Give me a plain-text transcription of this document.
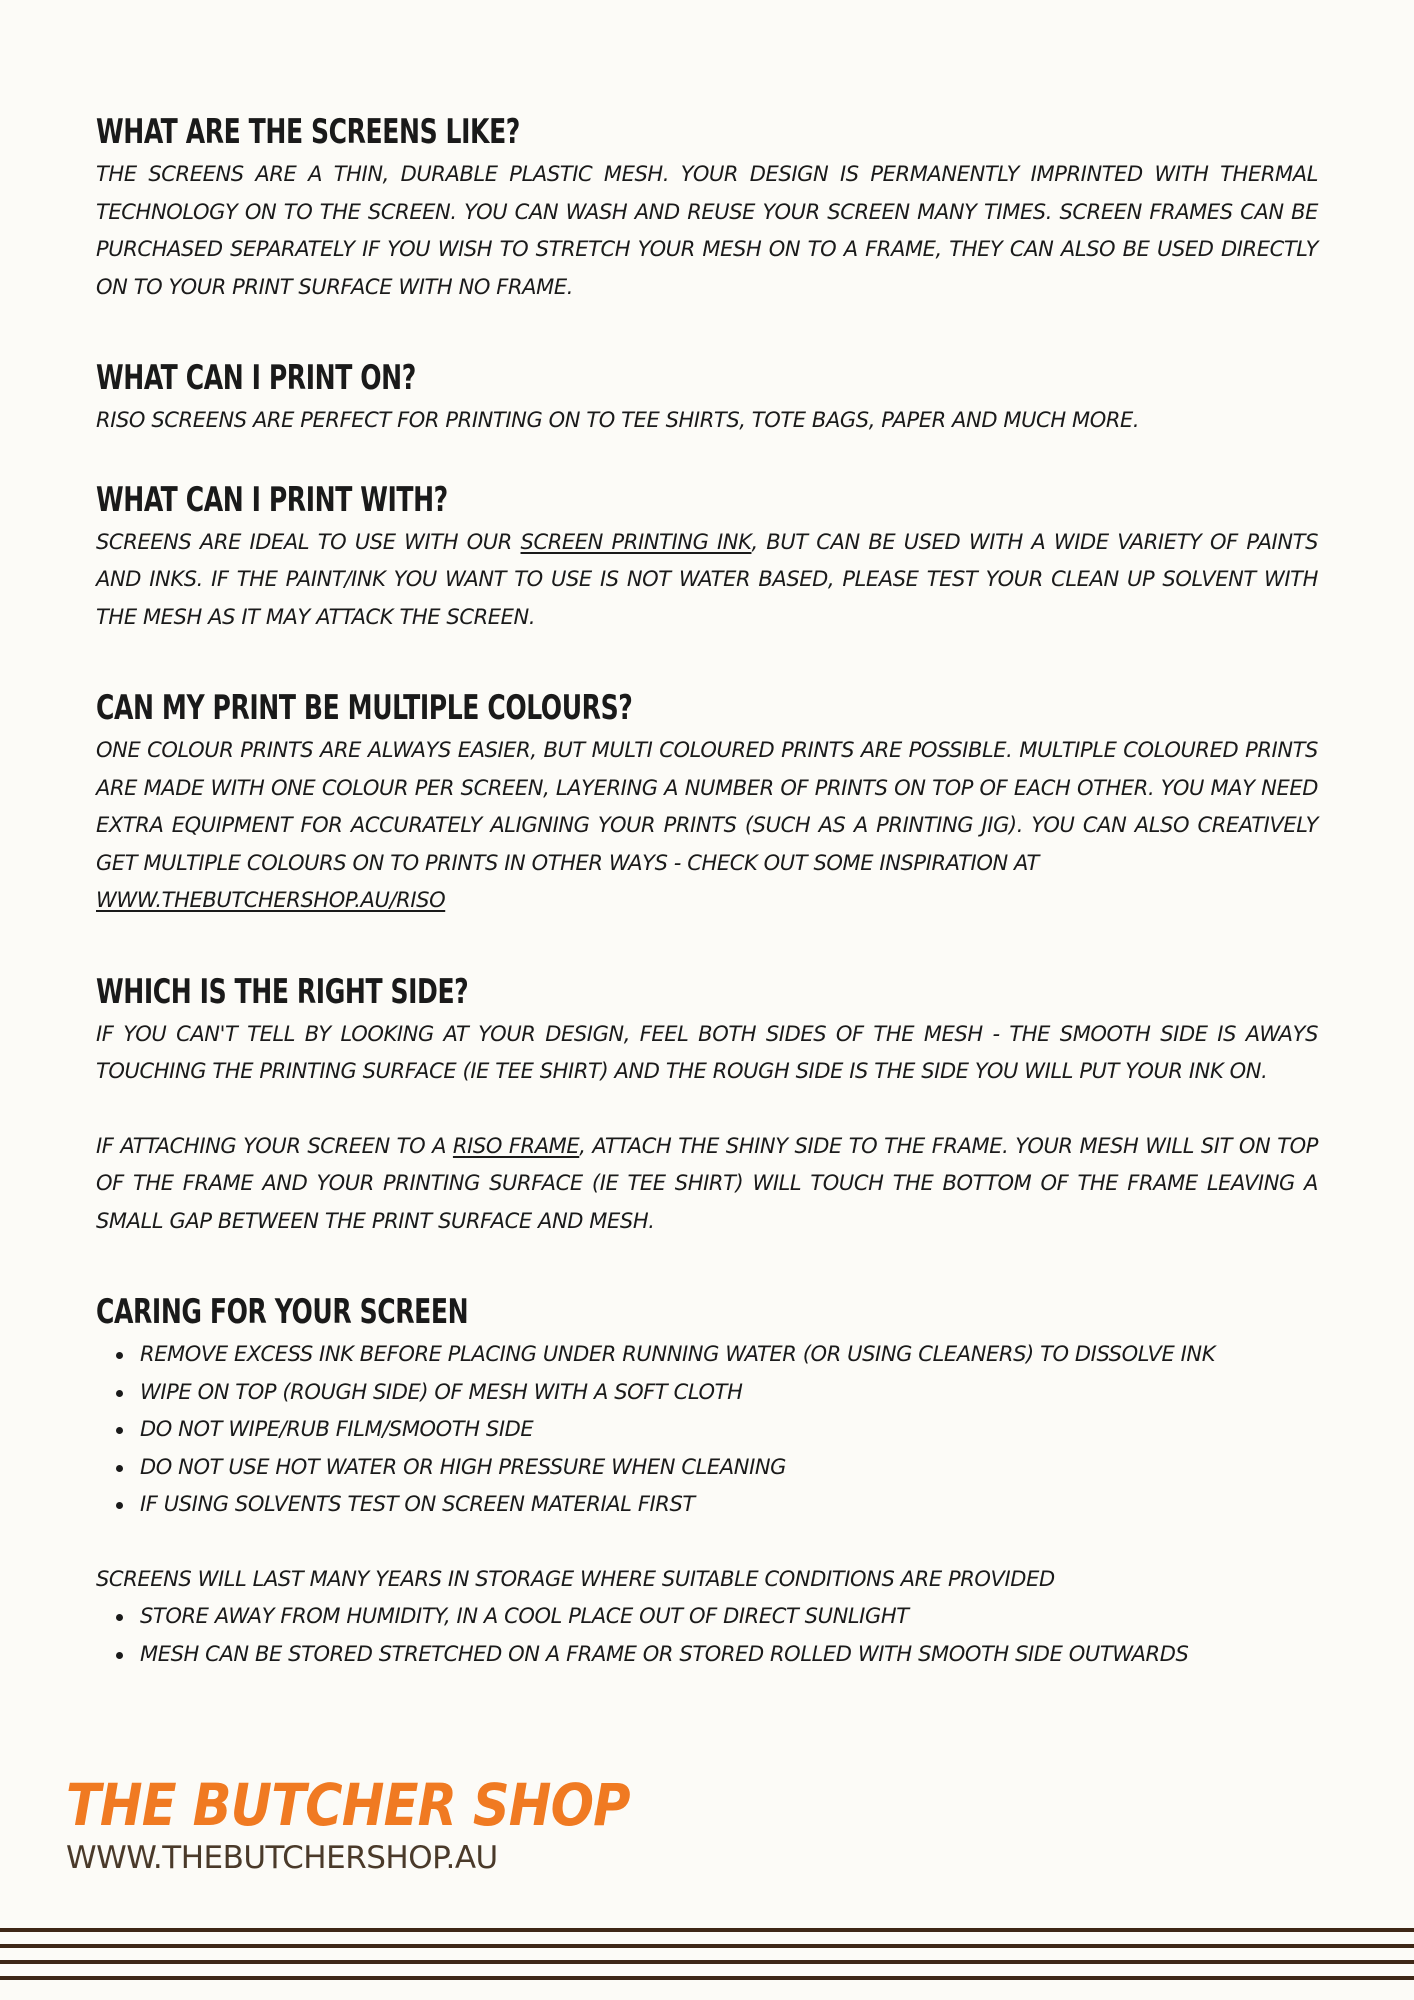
WHAT ARE THE SCREENS LIKE?

THE SCREENS ARE A THIN, DURABLE PLASTIC MESH. YOUR DESIGN IS PERMANENTLY IMPRINTED WITH THERMAL TECHNOLOGY ON TO THE SCREEN. YOU CAN WASH AND REUSE YOUR SCREEN MANY TIMES. SCREEN FRAMES CAN BE PURCHASED SEPARATELY IF YOU WISH TO STRETCH YOUR MESH ON TO A FRAME, THEY CAN ALSO BE USED DIRECTLY ON TO YOUR PRINT SURFACE WITH NO FRAME.

WHAT CAN I PRINT ON?

RISO SCREENS ARE PERFECT FOR PRINTING ON TO TEE SHIRTS, TOTE BAGS, PAPER AND MUCH MORE.

WHAT CAN I PRINT WITH?

SCREENS ARE IDEAL TO USE WITH OUR SCREEN PRINTING INK, BUT CAN BE USED WITH A WIDE VARIETY OF PAINTS AND INKS. IF THE PAINT/INK YOU WANT TO USE IS NOT WATER BASED, PLEASE TEST YOUR CLEAN UP SOLVENT WITH THE MESH AS IT MAY ATTACK THE SCREEN.

CAN MY PRINT BE MULTIPLE COLOURS?

ONE COLOUR PRINTS ARE ALWAYS EASIER, BUT MULTI COLOURED PRINTS ARE POSSIBLE. MULTIPLE COLOURED PRINTS ARE MADE WITH ONE COLOUR PER SCREEN, LAYERING A NUMBER OF PRINTS ON TOP OF EACH OTHER. YOU MAY NEED EXTRA EQUIPMENT FOR ACCURATELY ALIGNING YOUR PRINTS (SUCH AS A PRINTING JIG). YOU CAN ALSO CREATIVELY GET MULTIPLE COLOURS ON TO PRINTS IN OTHER WAYS - CHECK OUT SOME INSPIRATION AT
WWW.THEBUTCHERSHOP.AU/RISO

WHICH IS THE RIGHT SIDE?

IF YOU CAN'T TELL BY LOOKING AT YOUR DESIGN, FEEL BOTH SIDES OF THE MESH - THE SMOOTH SIDE IS AWAYS TOUCHING THE PRINTING SURFACE (IE TEE SHIRT) AND THE ROUGH SIDE IS THE SIDE YOU WILL PUT YOUR INK ON.

IF ATTACHING YOUR SCREEN TO A RISO FRAME, ATTACH THE SHINY SIDE TO THE FRAME. YOUR MESH WILL SIT ON TOP OF THE FRAME AND YOUR PRINTING SURFACE (IE TEE SHIRT) WILL TOUCH THE BOTTOM OF THE FRAME LEAVING A SMALL GAP BETWEEN THE PRINT SURFACE AND MESH.

CARING FOR YOUR SCREEN
REMOVE EXCESS INK BEFORE PLACING UNDER RUNNING WATER (OR USING CLEANERS) TO DISSOLVE INK
WIPE ON TOP (ROUGH SIDE) OF MESH WITH A SOFT CLOTH
DO NOT WIPE/RUB FILM/SMOOTH SIDE
DO NOT USE HOT WATER OR HIGH PRESSURE WHEN CLEANING
IF USING SOLVENTS TEST ON SCREEN MATERIAL FIRST

SCREENS WILL LAST MANY YEARS IN STORAGE WHERE SUITABLE CONDITIONS ARE PROVIDED

STORE AWAY FROM HUMIDITY, IN A COOL PLACE OUT OF DIRECT SUNLIGHT
MESH CAN BE STORED STRETCHED ON A FRAME OR STORED ROLLED WITH SMOOTH SIDE OUTWARDS
THE BUTCHER SHOP
WWW.THEBUTCHERSHOP.AU
